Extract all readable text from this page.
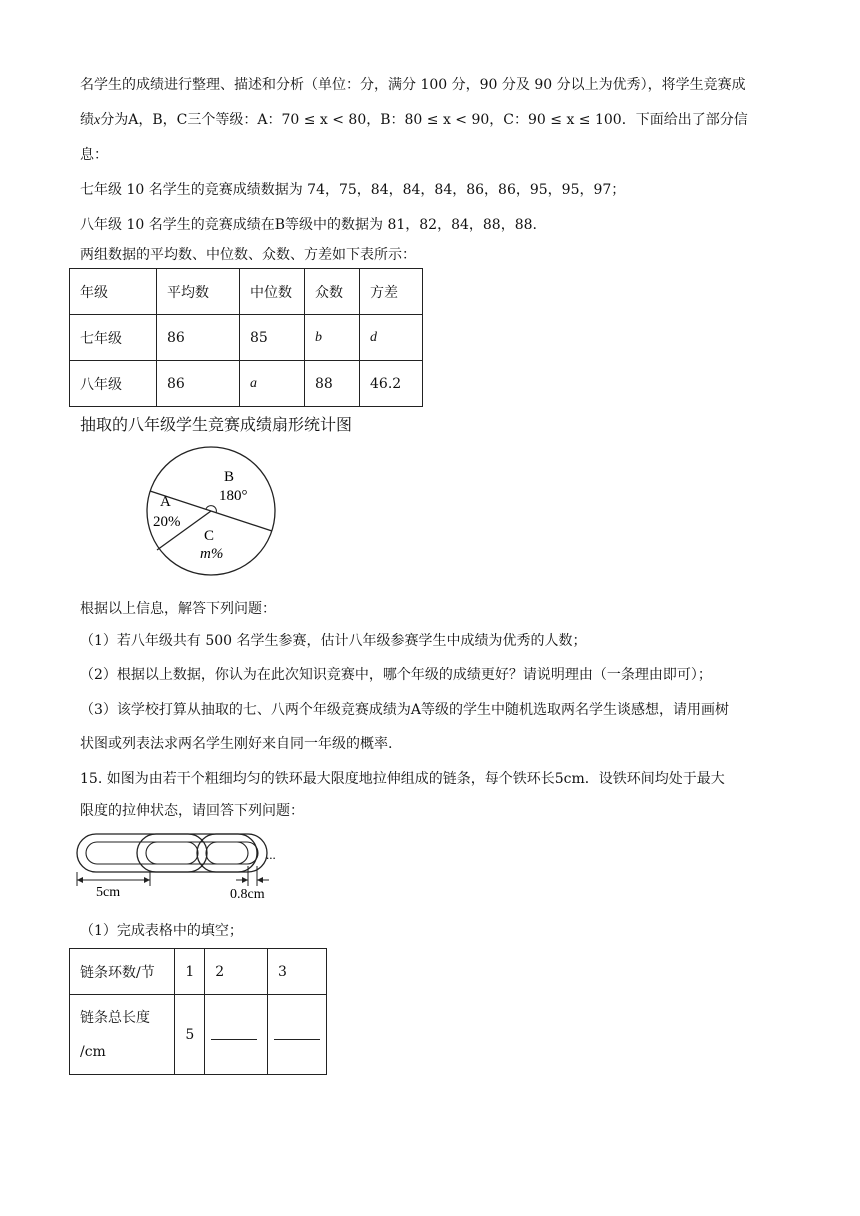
名学生的成绩进行整理、描述和分析（单位：分，满分 100 分，90 分及 90 分以上为优秀），将学生竞赛成
绩x分为A，B，C三个等级：A：70 ≤ x < 80，B：80 ≤ x < 90，C：90 ≤ x ≤ 100．下面给出了部分信
息：
七年级 10 名学生的竞赛成绩数据为 74，75，84，84，84，86，86，95，95，97；
八年级 10 名学生的竞赛成绩在B等级中的数据为 81，82，84，88，88.
两组数据的平均数、中位数、众数、方差如下表所示：
年级	平均数	中位数	众数	方差
七年级	86	85	b	d
八年级	86	a	88	46.2
抽取的八年级学生竞赛成绩扇形统计图
B
180°
A
20%
C
m%
根据以上信息，解答下列问题：
（1）若八年级共有 500 名学生参赛，估计八年级参赛学生中成绩为优秀的人数；
（2）根据以上数据，你认为在此次知识竞赛中，哪个年级的成绩更好？请说明理由（一条理由即可）；
（3）该学校打算从抽取的七、八两个年级竞赛成绩为A等级的学生中随机选取两名学生谈感想，请用画树
状图或列表法求两名学生刚好来自同一年级的概率.
15. 如图为由若干个粗细均匀的铁环最大限度地拉伸组成的链条，每个铁环长5cm．设铁环间均处于最大
限度的拉伸状态，请回答下列问题：
...
5cm	0.8cm
（1）完成表格中的填空；
链条环数/节	1	2	3
链条总长度
/cm	5		
